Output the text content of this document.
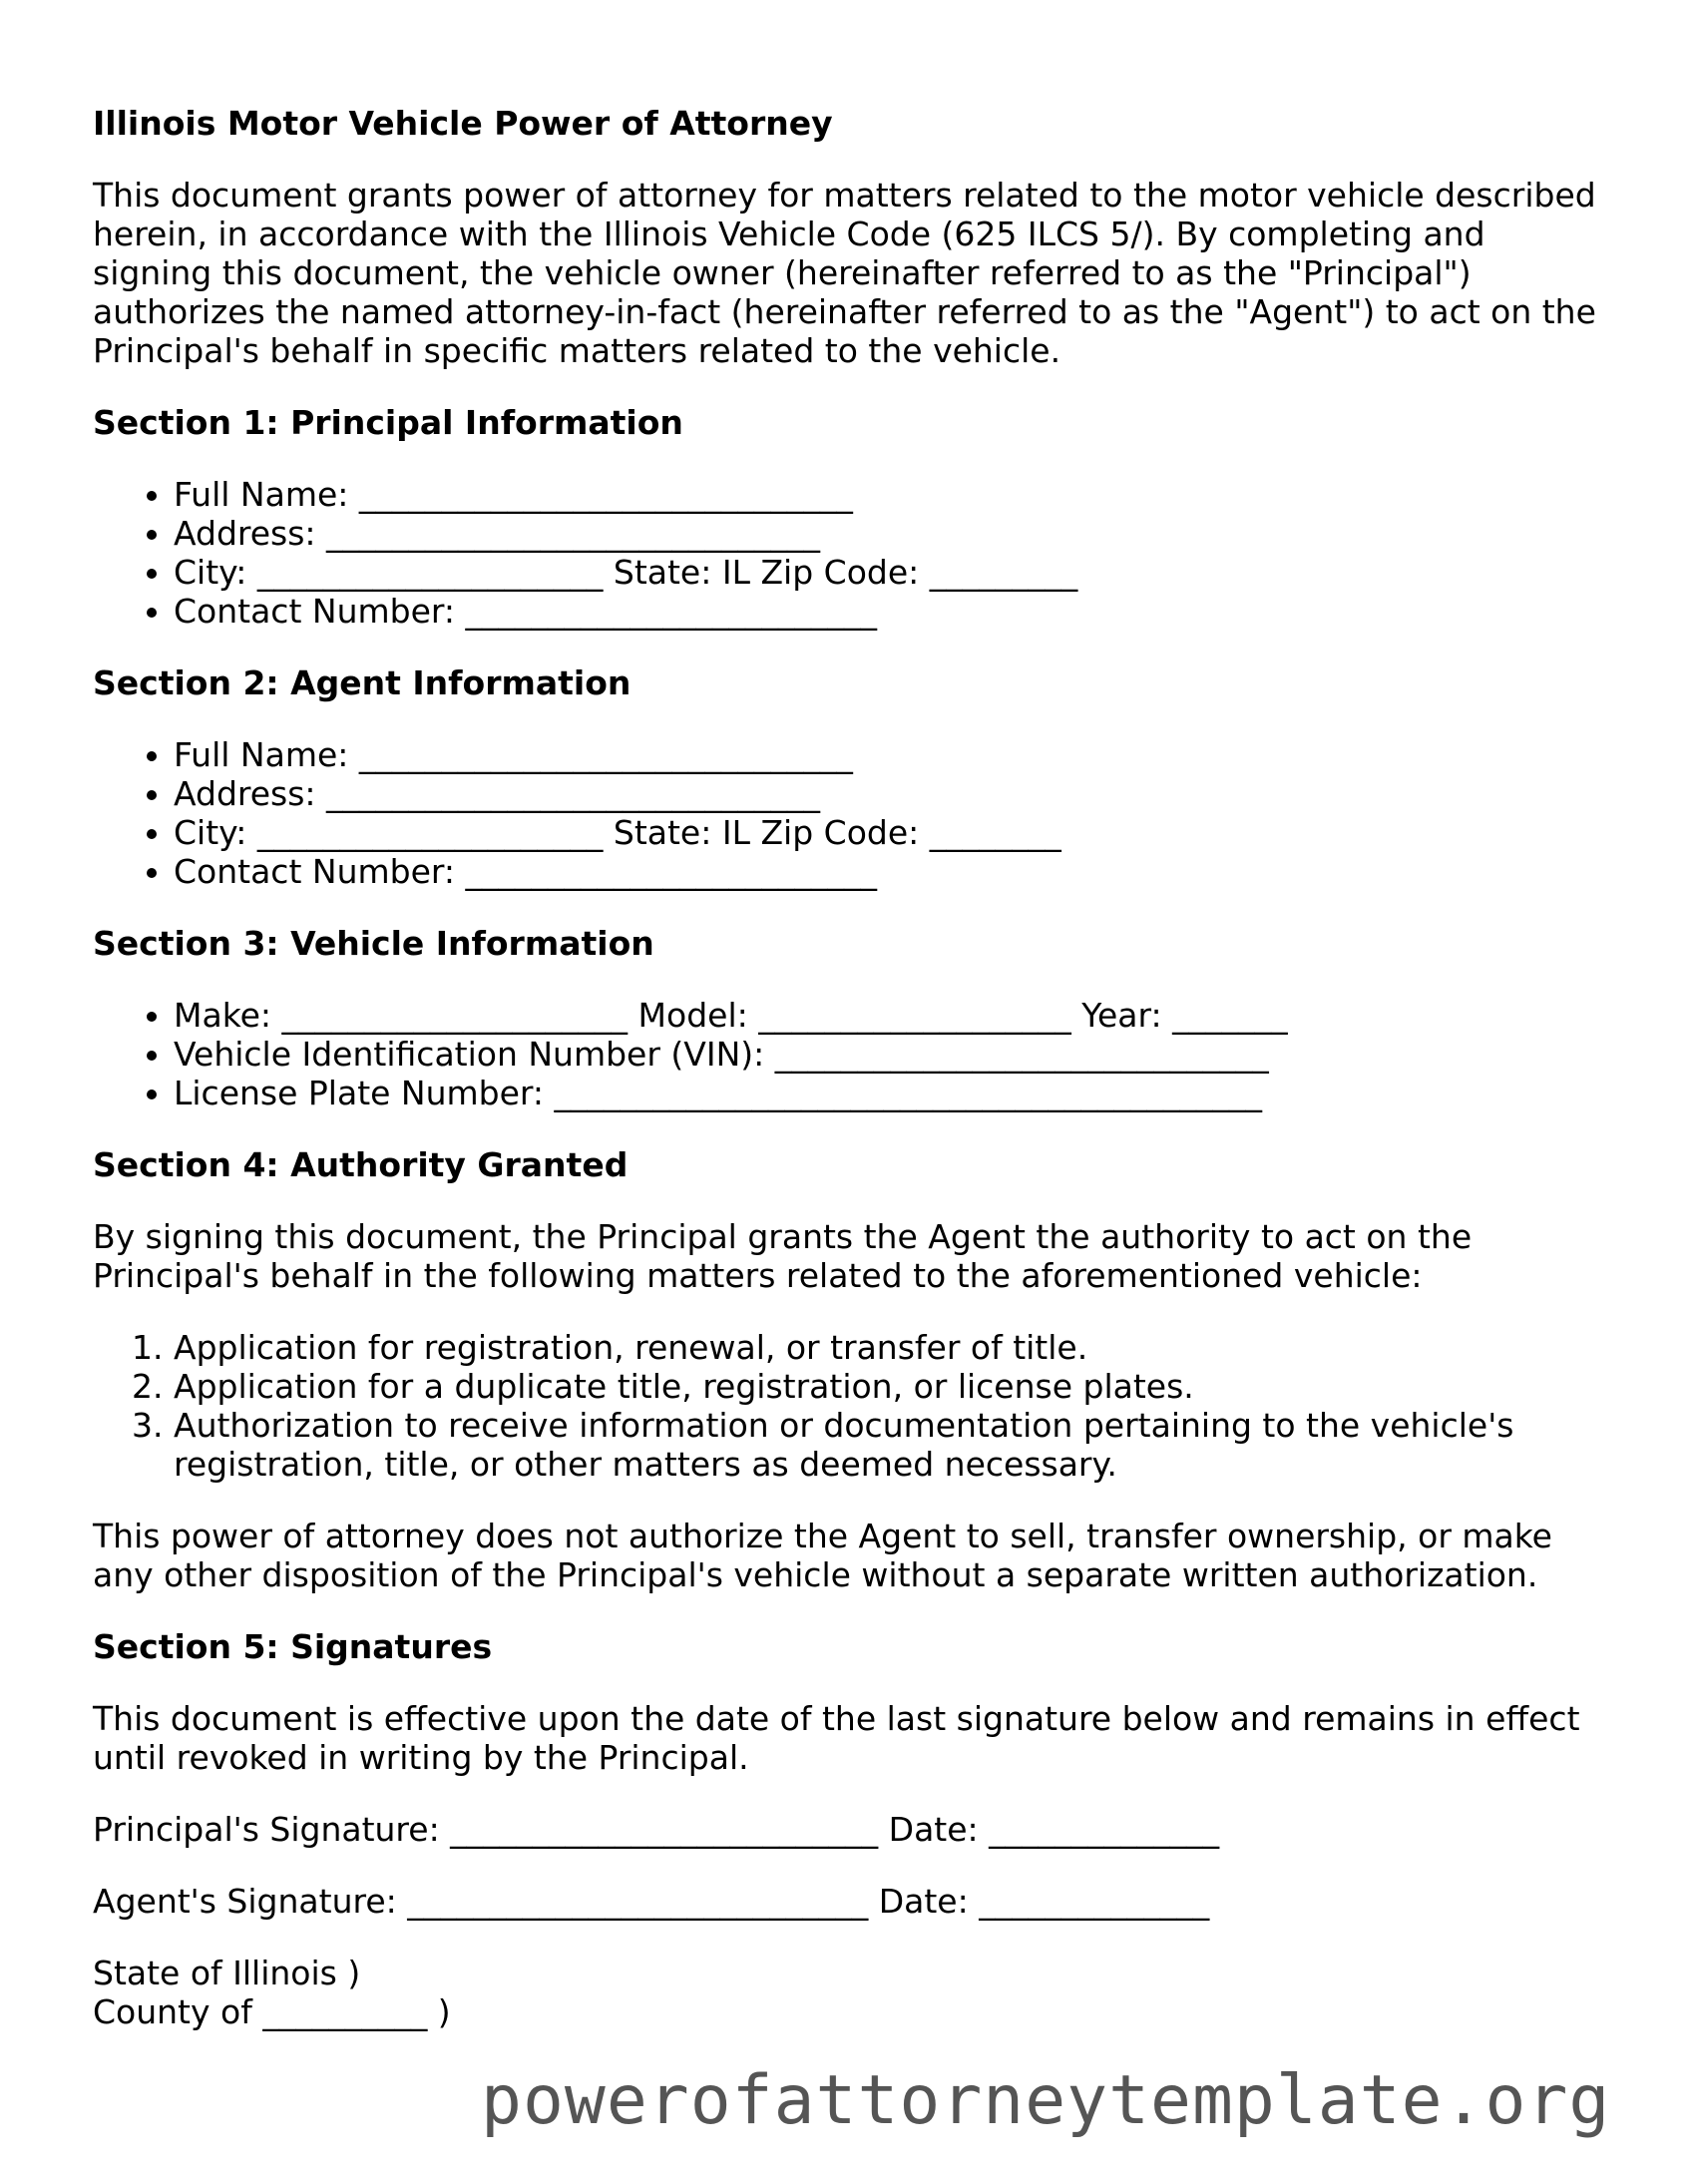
Illinois Motor Vehicle Power of Attorney

This document grants power of attorney for matters related to the motor vehicle described herein, in accordance with the Illinois Vehicle Code (625 ILCS 5/). By completing and signing this document, the vehicle owner (hereinafter referred to as the "Principal") authorizes the named attorney-in-fact (hereinafter referred to as the "Agent") to act on the Principal's behalf in specific matters related to the vehicle.

Section 1: Principal Information
• Full Name: ______________________________
• Address: ______________________________
• City: _____________________ State: IL Zip Code: _________
• Contact Number: _________________________
Section 2: Agent Information
• Full Name: ______________________________
• Address: ______________________________
• City: _____________________ State: IL Zip Code: ________
• Contact Number: _________________________
Section 3: Vehicle Information
• Make: _____________________ Model: ___________________ Year: _______
• Vehicle Identification Number (VIN): ______________________________
• License Plate Number: ___________________________________________
Section 4: Authority Granted

By signing this document, the Principal grants the Agent the authority to act on the Principal's behalf in the following matters related to the aforementioned vehicle:

1. Application for registration, renewal, or transfer of title.
2. Application for a duplicate title, registration, or license plates.
3. Authorization to receive information or documentation pertaining to the vehicle's registration, title, or other matters as deemed necessary.

This power of attorney does not authorize the Agent to sell, transfer ownership, or make any other disposition of the Principal's vehicle without a separate written authorization.

Section 5: Signatures

This document is effective upon the date of the last signature below and remains in effect until revoked in writing by the Principal.

Principal's Signature: __________________________ Date: ______________
Agent's Signature: ____________________________ Date: ______________
State of Illinois )
County of __________ )
powerofattorneytemplate.org
